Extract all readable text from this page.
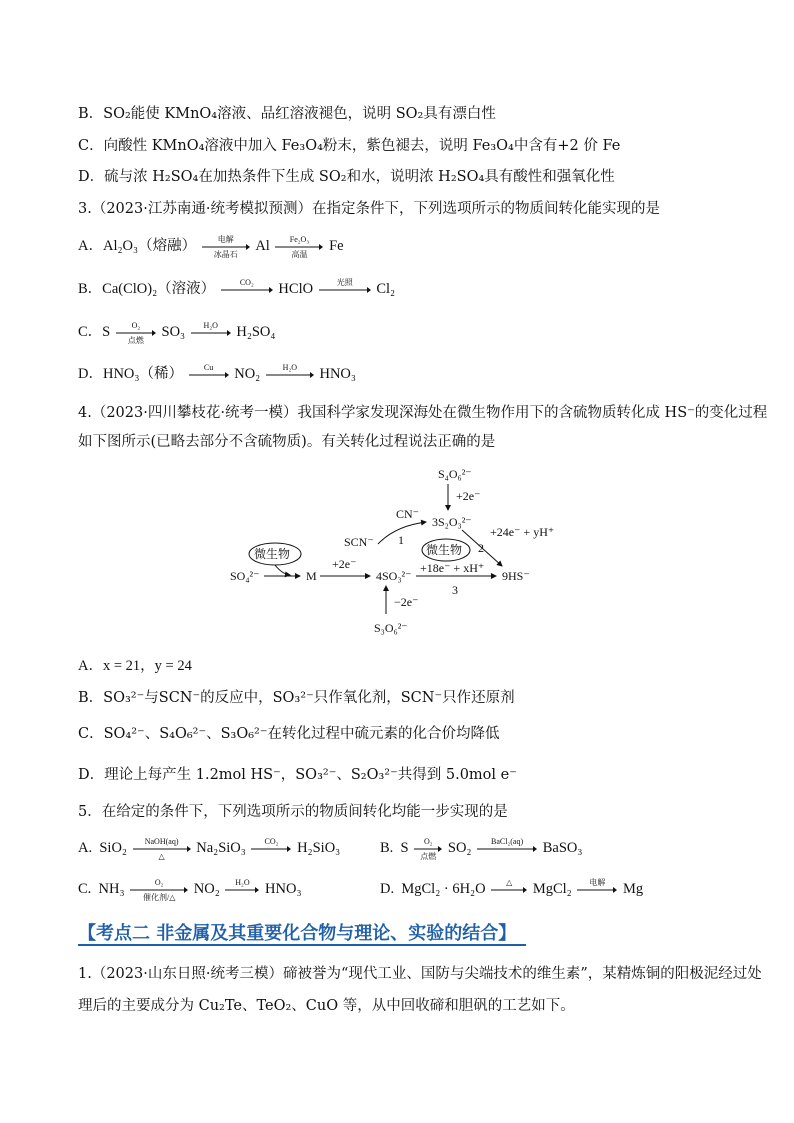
B．SO₂能使 KMnO₄溶液、品红溶液褪色，说明 SO₂具有漂白性
C．向酸性 KMnO₄溶液中加入 Fe₃O₄粉末，紫色褪去，说明 Fe₃O₄中含有+2 价 Fe
D．硫与浓 H₂SO₄在加热条件下生成 SO₂和水，说明浓 H₂SO₄具有酸性和强氧化性
3.（2023·江苏南通·统考模拟预测）在指定条件下，下列选项所示的物质间转化能实现的是
A．Al₂O₃（熔融）	电解
冰晶石
Al	Fe₂O₃
高温
Fe
B．Ca(ClO)₂（溶液）	CO₂	HClO	光照	Cl₂
C．S	O₂
点燃
SO₃	H₂O	H₂SO₄
D．HNO₃（稀）	Cu	NO₂	H₂O	HNO₃
4.（2023·四川攀枝花·统考一模）我国科学家发现深海处在微生物作用下的含硫物质转化成 HS⁻的变化过程
如下图所示(已略去部分不含硫物质)。有关转化过程说法正确的是
S₄O₆²⁻
+2e⁻
3S₂O₃²⁻
CN⁻
SCN⁻ 1
微生物
SO₄²⁻	M
+2e⁻
4SO₃²⁻
微生物 2
+24e⁻ + yH⁺
+18e⁻ + xH⁺
3
9HS⁻
−2e⁻
S₃O₆²⁻
A．x = 21，y = 24
B．SO₃²⁻与SCN⁻的反应中，SO₃²⁻只作氧化剂，SCN⁻只作还原剂
C．SO₄²⁻、S₄O₆²⁻、S₃O₆²⁻在转化过程中硫元素的化合价均降低
D．理论上每产生 1.2mol HS⁻，SO₃²⁻、S₂O₃²⁻共得到 5.0mol e⁻
5．在给定的条件下，下列选项所示的物质间转化均能一步实现的是
A. SiO₂	NaOH(aq)
△
Na₂SiO₃	CO₂	H₂SiO₃	B. S	O₂
点燃
SO₂	BaCl₂(aq)	BaSO₃
C. NH₃	O₂
催化剂/△
NO₂	H₂O	HNO₃	D. MgCl₂ · 6H₂O	△	MgCl₂	电解	Mg
【考点二 非金属及其重要化合物与理论、实验的结合】
1.（2023·山东日照·统考三模）碲被誉为“现代工业、国防与尖端技术的维生素”，某精炼铜的阳极泥经过处
理后的主要成分为 Cu₂Te、TeO₂、CuO 等，从中回收碲和胆矾的工艺如下。
